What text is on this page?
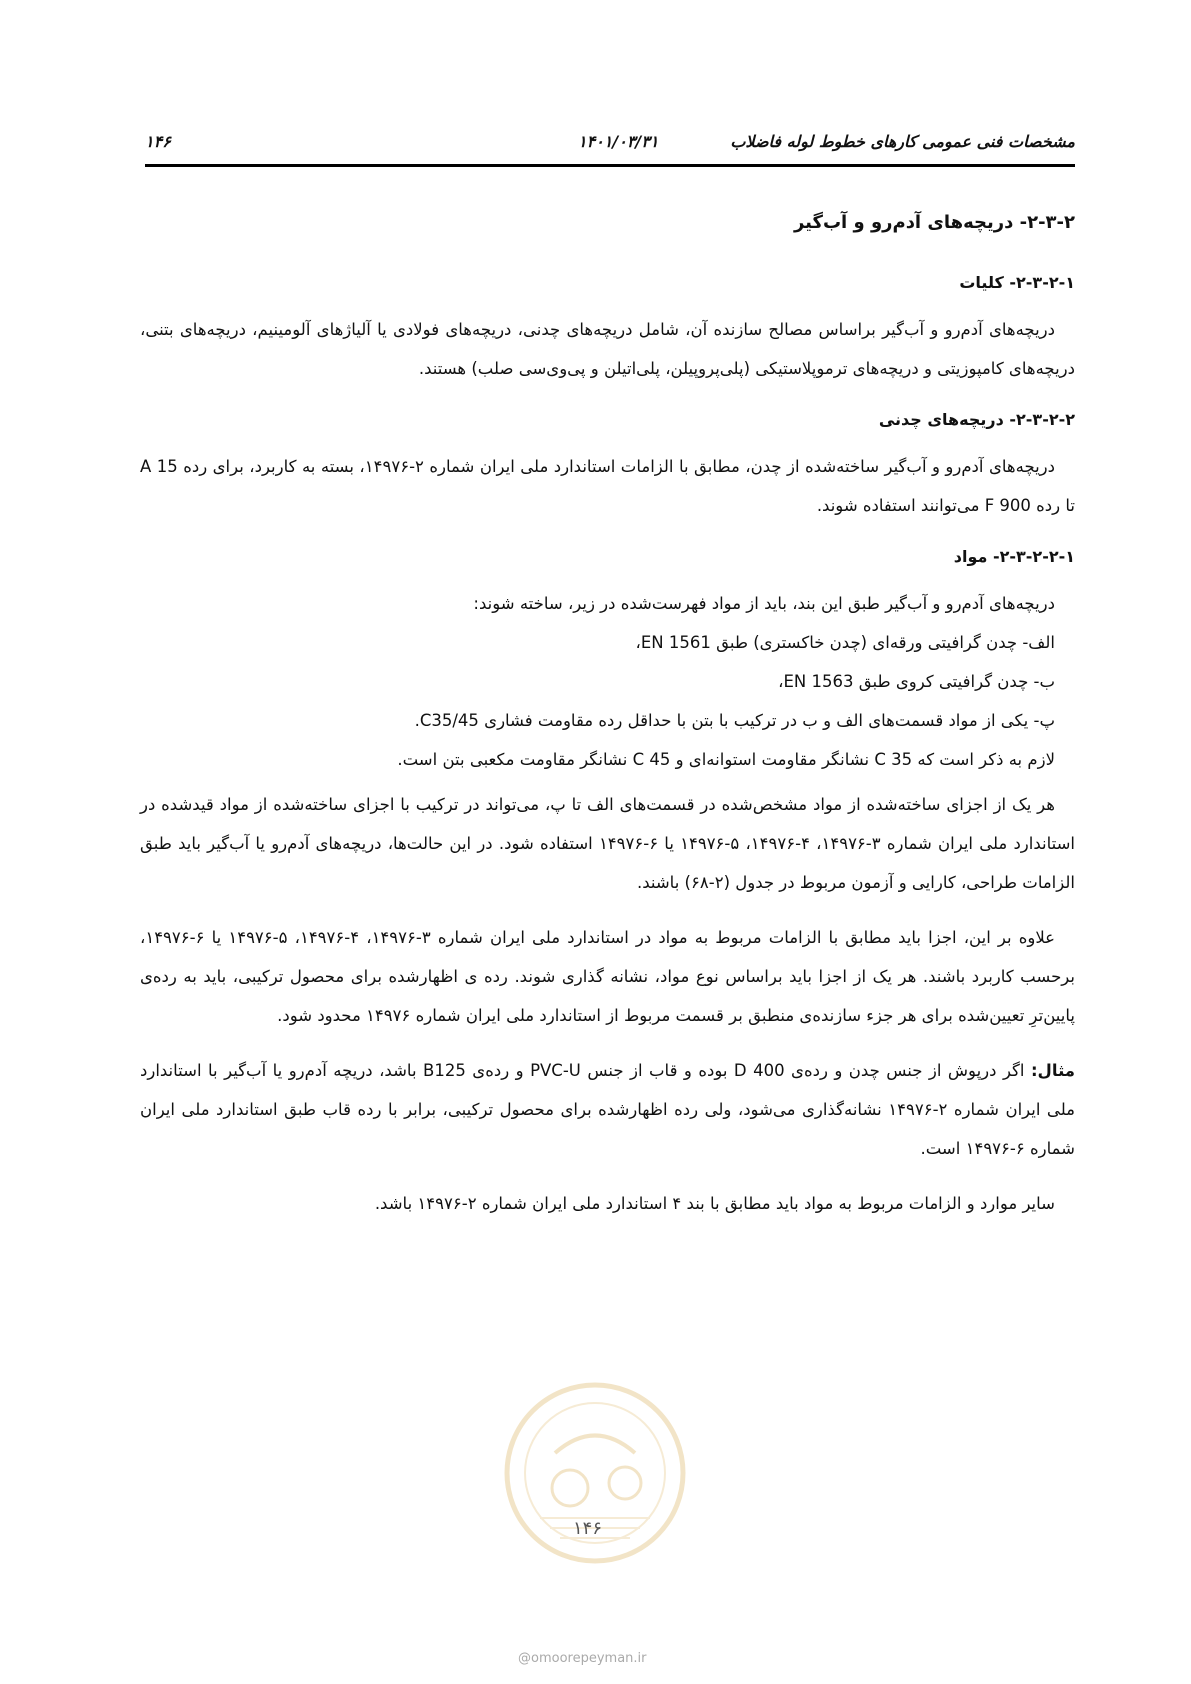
۱۴۶	۱۴۰۱/۰۳/۳۱	مشخصات فنی عمومی کارهای خطوط لوله فاضلاب
۲-۳-۲- دریچه‌های آدم‌رو و آب‌گیر
۲-۳-۲-۱- کلیات

دریچه‌های آدم‌رو و آب‌گیر براساس مصالح سازنده آن، شامل دریچه‌های چدنی، دریچه‌های فولادی یا آلیاژهای آلومینیم، دریچه‌های بتنی، دریچه‌های کامپوزیتی و دریچه‌های ترموپلاستیکی (پلی‌پروپیلن، پلی‌اتیلن و پی‌وی‌سی صلب) هستند.

۲-۳-۲-۲- دریچه‌های چدنی

دریچه‌های آدم‌رو و آب‌گیر ساخته‌شده از چدن، مطابق با الزامات استاندارد ملی ایران شماره ۲-۱۴۹۷۶، بسته به کاربرد، برای رده A 15 تا رده F 900 می‌توانند استفاده شوند.

۲-۳-۲-۲-۱- مواد

دریچه‌های آدم‌رو و آب‌گیر طبق این بند، باید از مواد فهرست‌شده در زیر، ساخته شوند:

الف- چدن گرافیتی ورقه‌ای (چدن خاکستری) طبق EN 1561،

ب- چدن گرافیتی کروی طبق EN 1563،

پ- یکی از مواد قسمت‌های الف و ب در ترکیب با بتن با حداقل رده مقاومت فشاری C35/45.

لازم به ذکر است که C 35 نشانگر مقاومت استوانه‌ای و C 45 نشانگر مقاومت مکعبی بتن است.

هر یک از اجزای ساخته‌شده از مواد مشخص‌شده در قسمت‌های الف تا پ، می‌تواند در ترکیب با اجزای ساخته‌شده از مواد قیدشده در استاندارد ملی ایران شماره ۳-۱۴۹۷۶، ۴-۱۴۹۷۶، ۵-۱۴۹۷۶ یا ۶-۱۴۹۷۶ استفاده شود. در این حالت‌ها، دریچه‌های آدم‌رو یا آب‌گیر باید طبق الزامات طراحی، کارایی و آزمون مربوط در جدول (۲-۶۸) باشند.

علاوه بر این، اجزا باید مطابق با الزامات مربوط به مواد در استاندارد ملی ایران شماره ۳-۱۴۹۷۶، ۴-۱۴۹۷۶، ۵-۱۴۹۷۶ یا ۶-۱۴۹۷۶، برحسب کاربرد باشند. هر یک از اجزا باید براساس نوع مواد، نشانه گذاری شوند. رده ی اظهارشده برای محصول ترکیبی، باید به رده‌ی پایین‌ترِ تعیین‌شده برای هر جزء سازنده‌ی منطبق بر قسمت مربوط از استاندارد ملی ایران شماره ۱۴۹۷۶ محدود شود.

مثال: اگر درپوش از جنس چدن و رده‌ی D 400 بوده و قاب از جنس PVC-U و رده‌ی B125 باشد، دریچه آدم‌رو یا آب‌گیر با استاندارد ملی ایران شماره ۲-۱۴۹۷۶ نشانه‌گذاری می‌شود، ولی رده اظهارشده برای محصول ترکیبی، برابر با رده قاب طبق استاندارد ملی ایران شماره ۶-۱۴۹۷۶ است.

سایر موارد و الزامات مربوط به مواد باید مطابق با بند ۴ استاندارد ملی ایران شماره ۲-۱۴۹۷۶ باشد.

۱۴۶
@omoorepeyman.ir
